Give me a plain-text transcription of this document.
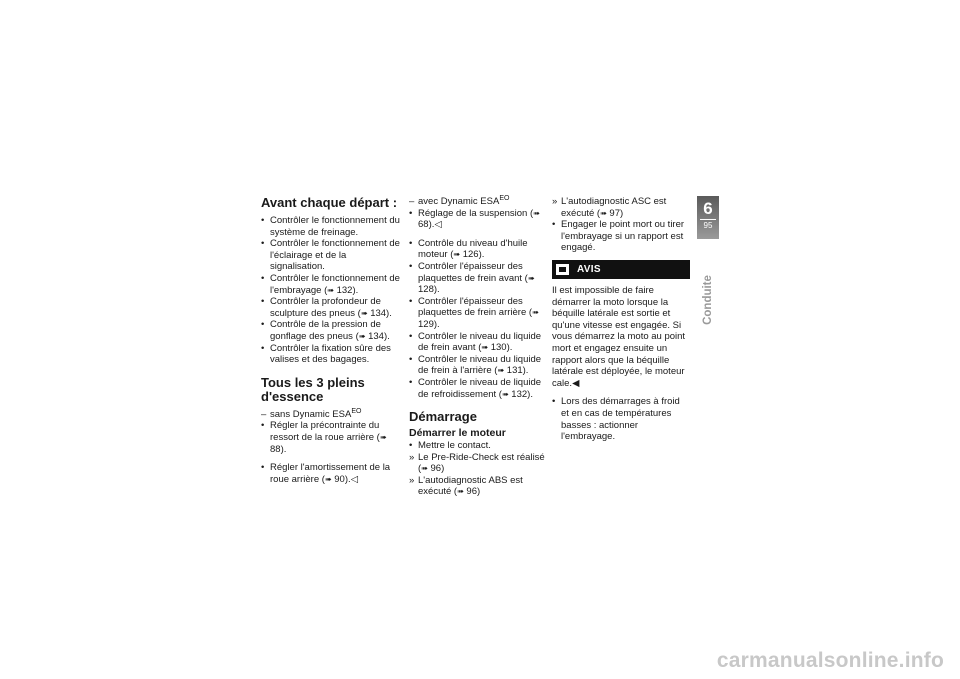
Avant chaque départ :
• Contrôler le fonctionnement du système de freinage.
• Contrôler le fonctionnement de l'éclairage et de la signalisation.
• Contrôler le fonctionnement de l'embrayage (➠ 132).
• Contrôler la profondeur de sculpture des pneus (➠ 134).
• Contrôle de la pression de gonflage des pneus (➠ 134).
• Contrôler la fixation sûre des valises et des bagages.
Tous les 3 pleins d'essence
– sans Dynamic $ESA^{EO}$
• Régler la précontrainte du ressort de la roue arrière (➠ 88).
• Régler l'amortissement de la roue arrière (➠ 90).◁
– avec Dynamic $ESA^{EO}$
• Réglage de la suspension (➠ 68).◁
• Contrôle du niveau d'huile moteur (➠ 126).
• Contrôler l'épaisseur des plaquettes de frein avant (➠ 128).
• Contrôler l'épaisseur des plaquettes de frein arrière (➠ 129).
• Contrôler le niveau du liquide de frein avant (➠ 130).
• Contrôler le niveau du liquide de frein à l'arrière (➠ 131).
• Contrôler le niveau de liquide de refroidissement (➠ 132).
Démarrage
Démarrer le moteur
• Mettre le contact.
» Le Pre-Ride-Check est réalisé (➠ 96)
» L'autodiagnostic ABS est exécuté (➠ 96)
» L'autodiagnostic ASC est exécuté (➠ 97)
• Engager le point mort ou tirer l'embrayage si un rapport est engagé.
AVIS

Il est impossible de faire démarrer la moto lorsque la béquille latérale est sortie et qu'une vitesse est engagée. Si vous démarrez la moto au point mort et engagez ensuite un rapport alors que la béquille latérale est déployée, le moteur cale.◀

• Lors des démarrages à froid et en cas de températures basses : actionner l'embrayage.
6
95
Conduite
carmanualsonline.info
